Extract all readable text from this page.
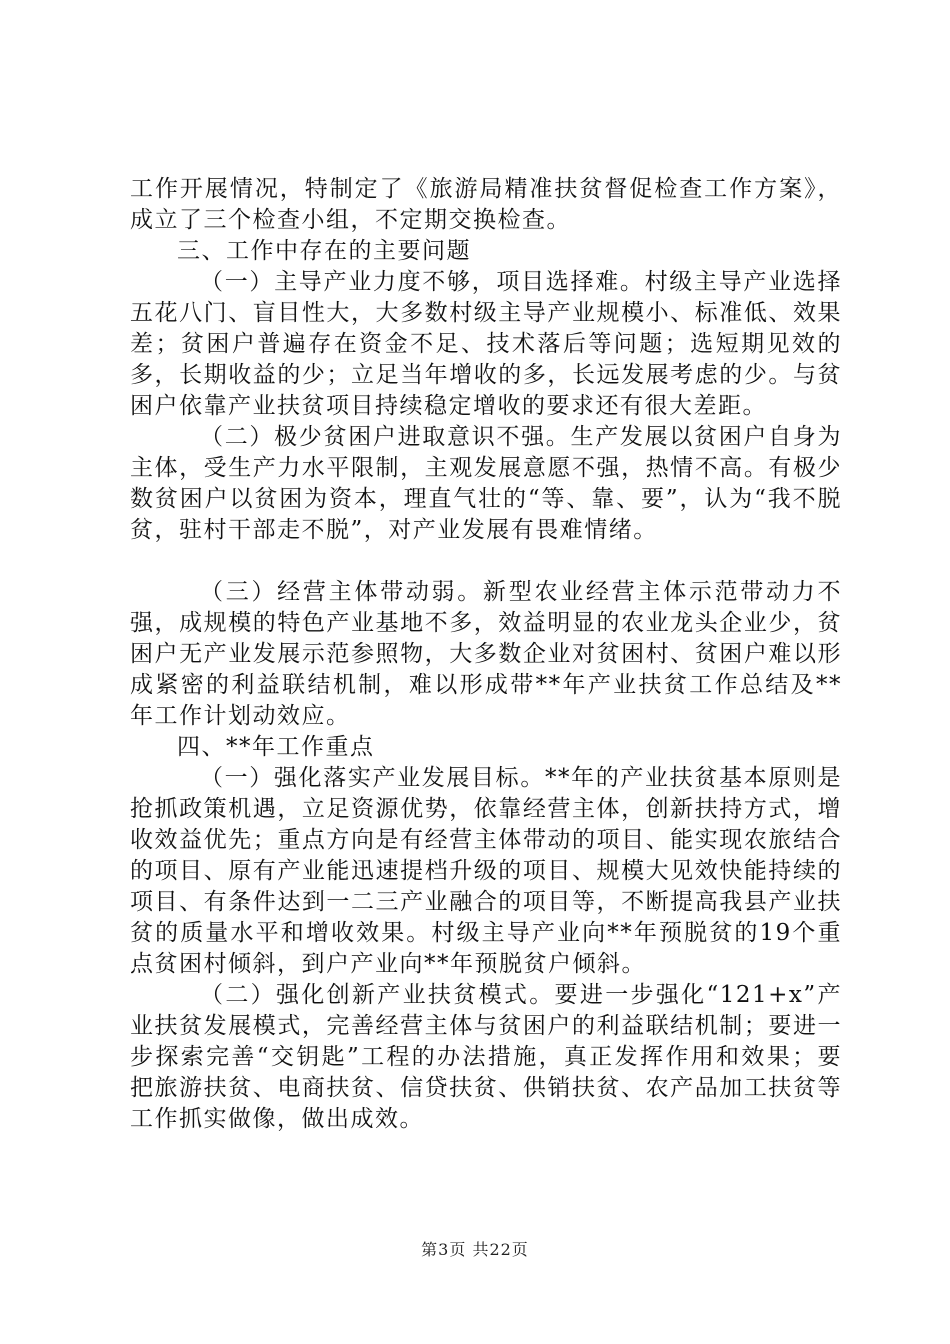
工作开展情况，特制定了《旅游局精准扶贫督促检查工作方案》，成立了三个检查小组，不定期交换检查。

三、工作中存在的主要问题

（一）主导产业力度不够，项目选择难。村级主导产业选择五花八门、盲目性大，大多数村级主导产业规模小、标准低、效果差；贫困户普遍存在资金不足、技术落后等问题；选短期见效的多，长期收益的少；立足当年增收的多，长远发展考虑的少。与贫困户依靠产业扶贫项目持续稳定增收的要求还有很大差距。

（二）极少贫困户进取意识不强。生产发展以贫困户自身为主体，受生产力水平限制，主观发展意愿不强，热情不高。有极少数贫困户以贫困为资本，理直气壮的“等、靠、要”，认为“我不脱贫，驻村干部走不脱”，对产业发展有畏难情绪。

（三）经营主体带动弱。新型农业经营主体示范带动力不强，成规模的特色产业基地不多，效益明显的农业龙头企业少，贫困户无产业发展示范参照物，大多数企业对贫困村、贫困户难以形成紧密的利益联结机制，难以形成带**年产业扶贫工作总结及**年工作计划动效应。

四、**年工作重点

（一）强化落实产业发展目标。**年的产业扶贫基本原则是抢抓政策机遇，立足资源优势，依靠经营主体，创新扶持方式，增收效益优先；重点方向是有经营主体带动的项目、能实现农旅结合的项目、原有产业能迅速提档升级的项目、规模大见效快能持续的项目、有条件达到一二三产业融合的项目等，不断提高我县产业扶贫的质量水平和增收效果。村级主导产业向**年预脱贫的19个重点贫困村倾斜，到户产业向**年预脱贫户倾斜。

（二）强化创新产业扶贫模式。要进一步强化“121+x”产业扶贫发展模式，完善经营主体与贫困户的利益联结机制；要进一步探索完善“交钥匙”工程的办法措施，真正发挥作用和效果；要把旅游扶贫、电商扶贫、信贷扶贫、供销扶贫、农产品加工扶贫等工作抓实做像，做出成效。

第3页 共22页
